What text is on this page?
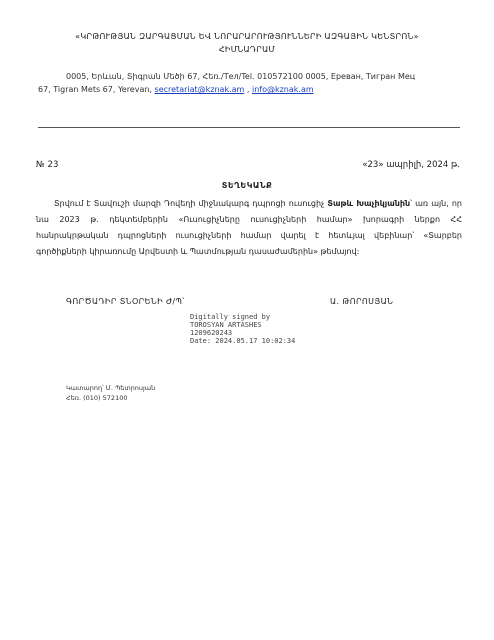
«ԿՐԹՈՒԹՅԱՆ ԶԱՐԳԱՑՄԱՆ ԵՎ ՆՈՐԱՐԱՐՈՒԹՅՈՒՆՆԵՐԻ ԱԶԳԱՅԻՆ ԿԵՆՏՐՈՆ»
ՀԻՄՆԱԴՐԱՄ
0005, Երևան, Տիգրան Մեծի 67, Հեռ./Тел/Tel. 010572100 0005, Ереван, Тигран Мец
67, Tigran Mets 67, Yerevan, secretariat@kznak.am , info@kznak.am
№ 23	«23» ապրիլի, 2024 թ.
ՏԵՂԵԿԱՆՔ
Տրվում է Տավուշի մարզի Դովեղի միջնակարգ դպրոցի ուսուցիչ Տաթև Խաչիկյանին՝ առ այն, որ նա 2023 թ. դեկտեմբերին «Ուսուցիչները ուսուցիչների համար» խորագրի ներքո ՀՀ հանրակրթական դպրոցների ուսուցիչների համար վարել է հետևյալ վեբինար՝ «Տարբեր գործիքների կիրառումը Արվեստի և Պատմության դասաժամերին» թեմայով:
ԳՈՐԾԱԴԻՐ ՏՆՕՐԵՆԻ Ժ/Պ՝	Ա. ԹՈՐՈՍՅԱՆ
Digitally signed by
TOROSYAN ARTASHES
1209620243
Date: 2024.05.17 10:02:34
Կատարող՝ Մ. Պետրոսյան
Հեռ. (010) 572100
